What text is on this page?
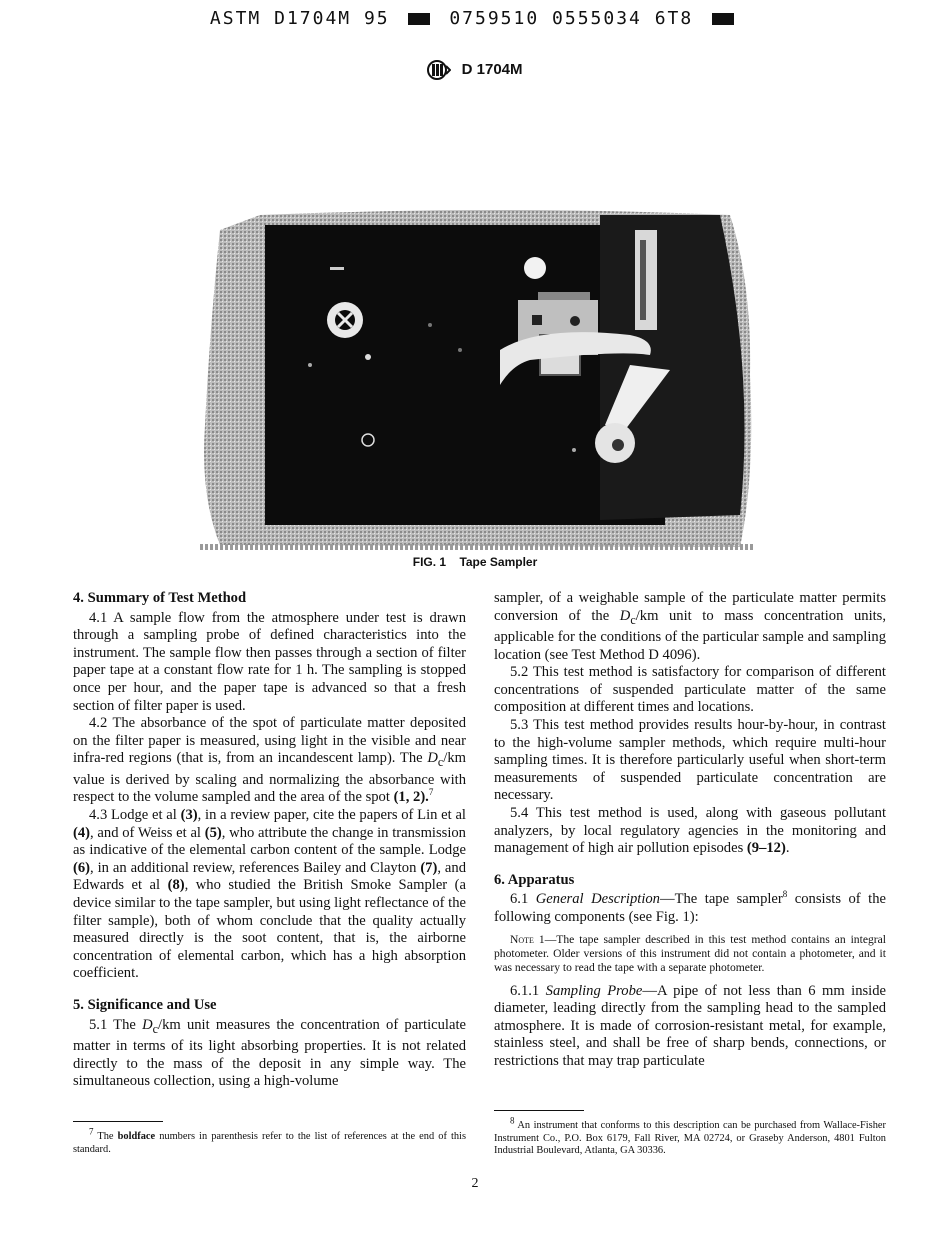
ASTM D1704M 95	0759510 0555034 6T8
D 1704M
FIG. 1 Tape Sampler
4. Summary of Test Method

4.1 A sample flow from the atmosphere under test is drawn through a sampling probe of defined characteristics into the instrument. The sample flow then passes through a section of filter paper tape at a constant flow rate for 1 h. The sampling is stopped once per hour, and the paper tape is advanced so that a fresh section of filter paper is used.

4.2 The absorbance of the spot of particulate matter deposited on the filter paper is measured, using light in the visible and near infra-red regions (that is, from an incandescent lamp). The $D_c/km$ value is derived by scaling and normalizing the absorbance with respect to the volume sampled and the area of the spot (1, 2).$^7$

4.3 Lodge et al (3), in a review paper, cite the papers of Lin et al (4), and of Weiss et al (5), who attribute the change in transmission as indicative of the elemental carbon content of the sample. Lodge (6), in an additional review, references Bailey and Clayton (7), and Edwards et al (8), who studied the British Smoke Sampler (a device similar to the tape sampler, but using light reflectance of the filter sample), both of whom conclude that the quality actually measured directly is the soot content, that is, the airborne concentration of elemental carbon, which has a high absorption coefficient.

5. Significance and Use

5.1 The $D_c/km$ unit measures the concentration of particulate matter in terms of its light absorbing properties. It is not related directly to the mass of the deposit in any simple way. The simultaneous collection, using a high-volume

sampler, of a weighable sample of the particulate matter permits conversion of the $D_c/km$ unit to mass concentration units, applicable for the conditions of the particular sample and sampling location (see Test Method D 4096).

5.2 This test method is satisfactory for comparison of different concentrations of suspended particulate matter of the same composition at different times and locations.

5.3 This test method provides results hour-by-hour, in contrast to the high-volume sampler methods, which require multi-hour sampling times. It is therefore particularly useful when short-term measurements of suspended particulate concentration are necessary.

5.4 This test method is used, along with gaseous pollutant analyzers, by local regulatory agencies in the monitoring and management of high air pollution episodes (9–12).

6. Apparatus

6.1 General Description—The tape sampler$^8$ consists of the following components (see Fig. 1):

Note 1—The tape sampler described in this test method contains an integral photometer. Older versions of this instrument did not contain a photometer, and it was necessary to read the tape with a separate photometer.

6.1.1 Sampling Probe—A pipe of not less than 6 mm inside diameter, leading directly from the sampling head to the sampled atmosphere. It is made of corrosion-resistant metal, for example, stainless steel, and shall be free of sharp bends, connections, or restrictions that may trap particulate

$^7$ The boldface numbers in parenthesis refer to the list of references at the end of this standard.

$^8$ An instrument that conforms to this description can be purchased from Wallace-Fisher Instrument Co., P.O. Box 6179, Fall River, MA 02724, or Graseby Anderson, 4801 Fulton Industrial Boulevard, Atlanta, GA 30336.

2
